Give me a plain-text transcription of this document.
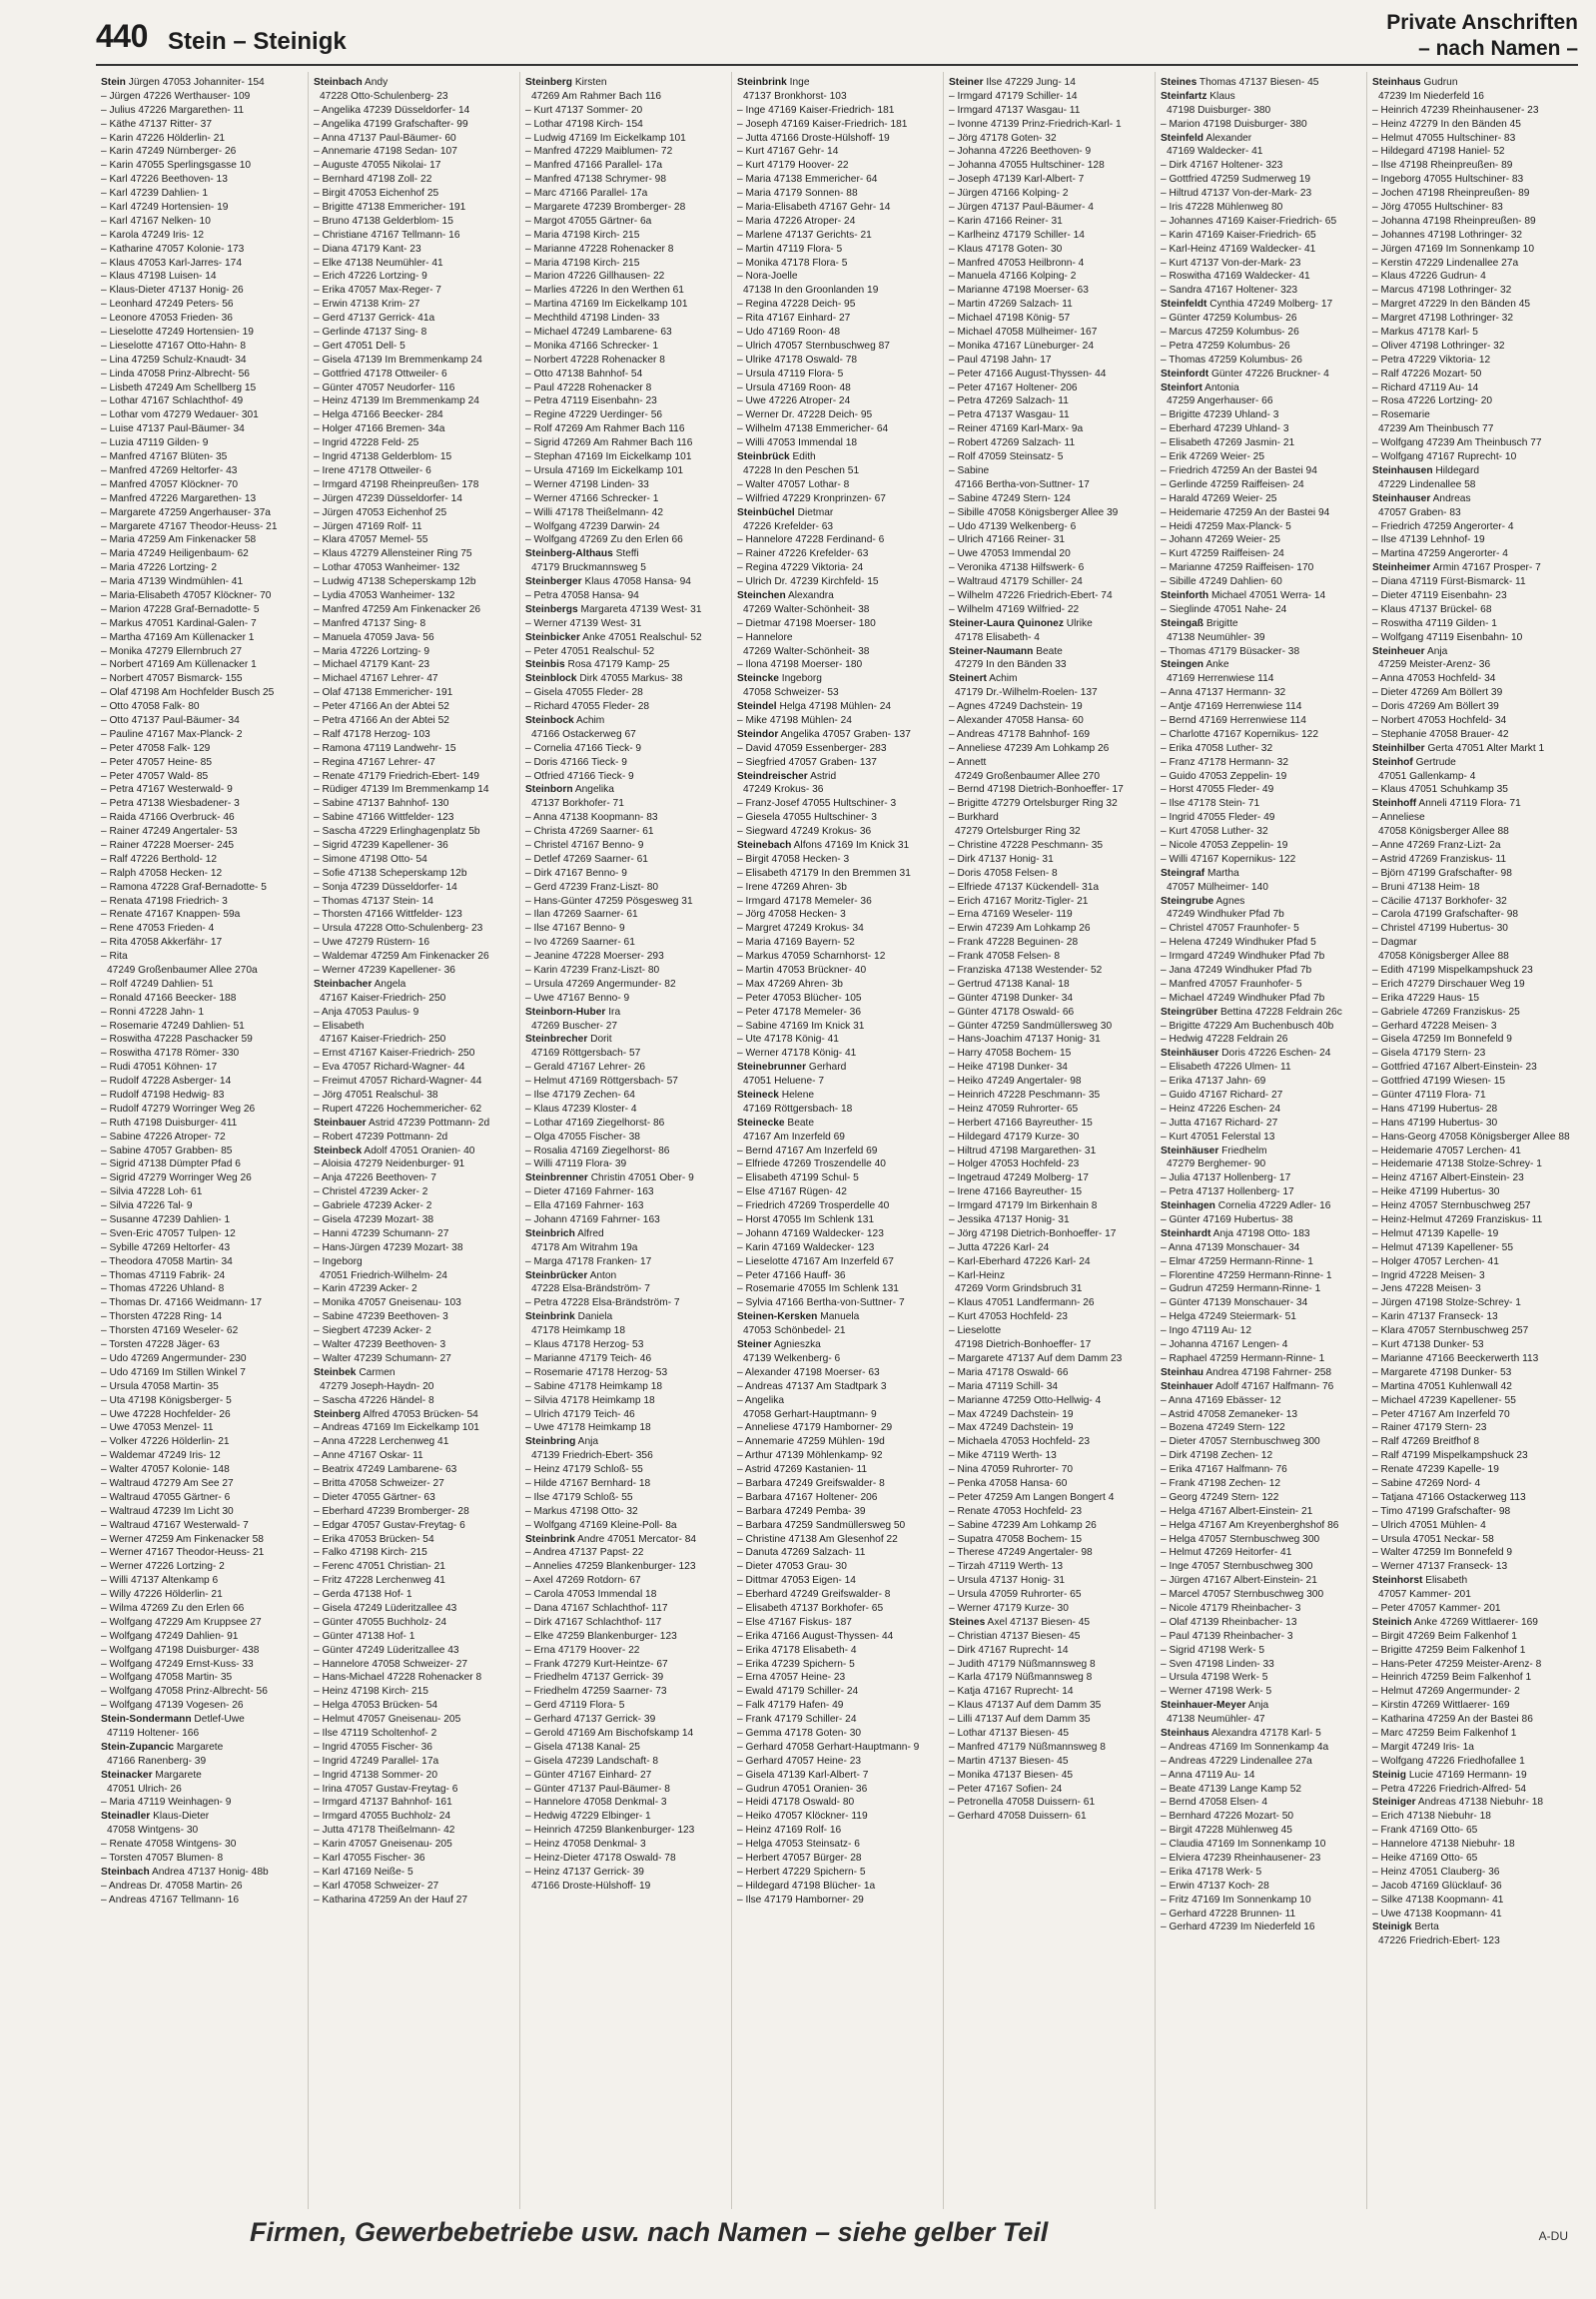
440 Stein – Steinigk
Private Anschriften
– nach Namen –
Stein Jürgen 47053 Johanniter- 154
– Jürgen 47226 Werthauser- 109
– Julius 47226 Margarethen- 11
– Käthe 47137 Ritter- 37
– Karin 47226 Hölderlin- 21
– Karin 47249 Nürnberger- 26
– Karin 47055 Sperlingsgasse 10
– Karl 47226 Beethoven- 13
– Karl 47239 Dahlien- 1
– Karl 47249 Hortensien- 19
– Karl 47167 Nelken- 10
– Karola 47249 Iris- 12
– Katharine 47057 Kolonie- 173
– Klaus 47053 Karl-Jarres- 174
– Klaus 47198 Luisen- 14
– Klaus-Dieter 47137 Honig- 26
– Leonhard 47249 Peters- 56
– Leonore 47053 Frieden- 36
– Lieselotte 47249 Hortensien- 19
– Lieselotte 47167 Otto-Hahn- 8
– Lina 47259 Schulz-Knaudt- 34
– Linda 47058 Prinz-Albrecht- 56
– Lisbeth 47249 Am Schellberg 15
– Lothar 47167 Schlachthof- 49
– Lothar vom 47279 Wedauer- 301
– Luise 47137 Paul-Bäumer- 34
– Luzia 47119 Gilden- 9
– Manfred 47167 Blüten- 35
– Manfred 47269 Heltorfer- 43
– Manfred 47057 Klöckner- 70
– Manfred 47226 Margarethen- 13
– Margarete 47259 Angerhauser- 37a
– Margarete 47167 Theodor-Heuss- 21
– Maria 47259 Am Finkenacker 58
– Maria 47249 Heiligenbaum- 62
– Maria 47226 Lortzing- 2
– Maria 47139 Windmühlen- 41
– Maria-Elisabeth 47057 Klöckner- 70
– Marion 47228 Graf-Bernadotte- 5
– Markus 47051 Kardinal-Galen- 7
– Martha 47169 Am Küllenacker 1
– Monika 47279 Ellernbruch 27
– Norbert 47169 Am Küllenacker 1
– Norbert 47057 Bismarck- 155
– Olaf 47198 Am Hochfelder Busch 25
– Otto 47058 Falk- 80
– Otto 47137 Paul-Bäumer- 34
– Pauline 47167 Max-Planck- 2
– Peter 47058 Falk- 129
– Peter 47057 Heine- 85
– Peter 47057 Wald- 85
– Petra 47167 Westerwald- 9
– Petra 47138 Wiesbadener- 3
– Raida 47166 Overbruck- 46
– Rainer 47249 Angertaler- 53
– Rainer 47228 Moerser- 245
– Ralf 47226 Berthold- 12
– Ralph 47058 Hecken- 12
– Ramona 47228 Graf-Bernadotte- 5
– Renata 47198 Friedrich- 3
– Renate 47167 Knappen- 59a
– Rene 47053 Frieden- 4
– Rita 47058 Akkerfähr- 17
– Rita
47249 Großenbaumer Allee 270a
– Rolf 47249 Dahlien- 51
– Ronald 47166 Beecker- 188
– Ronni 47228 Jahn- 1
– Rosemarie 47249 Dahlien- 51
– Roswitha 47228 Paschacker 59
– Roswitha 47178 Römer- 330
– Rudi 47051 Köhnen- 17
– Rudolf 47228 Asberger- 14
– Rudolf 47198 Hedwig- 83
– Rudolf 47279 Worringer Weg 26
– Ruth 47198 Duisburger- 411
– Sabine 47226 Atroper- 72
– Sabine 47057 Grabben- 85
– Sigrid 47138 Dümpter Pfad 6
– Sigrid 47279 Worringer Weg 26
– Silvia 47228 Loh- 61
– Silvia 47226 Tal- 9
– Susanne 47239 Dahlien- 1
– Sven-Eric 47057 Tulpen- 12
– Sybille 47269 Heltorfer- 43
– Theodora 47058 Martin- 34
– Thomas 47119 Fabrik- 24
– Thomas 47226 Uhland- 8
– Thomas Dr. 47166 Weidmann- 17
– Thorsten 47228 Ring- 14
– Thorsten 47169 Weseler- 62
– Torsten 47228 Jäger- 63
– Udo 47269 Angermunder- 230
– Udo 47169 Im Stillen Winkel 7
– Ursula 47058 Martin- 35
– Uta 47198 Königsberger- 5
– Uwe 47228 Hochfelder- 26
– Uwe 47053 Menzel- 11
– Volker 47226 Hölderlin- 21
– Waldemar 47249 Iris- 12
– Walter 47057 Kolonie- 148
– Waltraud 47279 Am See 27
– Waltraud 47055 Gärtner- 6
– Waltraud 47239 Im Licht 30
– Waltraud 47167 Westerwald- 7
– Werner 47259 Am Finkenacker 58
– Werner 47167 Theodor-Heuss- 21
– Werner 47226 Lortzing- 2
– Willi 47137 Altenkamp 6
– Willy 47226 Hölderlin- 21
– Wilma 47269 Zu den Erlen 66
– Wolfgang 47229 Am Kruppsee 27
– Wolfgang 47249 Dahlien- 91
– Wolfgang 47198 Duisburger- 438
– Wolfgang 47249 Ernst-Kuss- 33
– Wolfgang 47058 Martin- 35
– Wolfgang 47058 Prinz-Albrecht- 56
– Wolfgang 47139 Vogesen- 26
Stein-Sondermann Detlef-Uwe
47119 Holtener- 166
Stein-Zupancic Margarete
47166 Ranenberg- 39
Steinacker Margarete
47051 Ulrich- 26
– Maria 47119 Weinhagen- 9
Steinadler Klaus-Dieter
47058 Wintgens- 30
– Renate 47058 Wintgens- 30
– Torsten 47057 Blumen- 8
Steinbach Andrea 47137 Honig- 48b
– Andreas Dr. 47058 Martin- 26
– Andreas 47167 Tellmann- 16
Steinbach Andy
47228 Otto-Schulenberg- 23
– Angelika 47239 Düsseldorfer- 14
– Angelika 47199 Grafschafter- 99
– Anna 47137 Paul-Bäumer- 60
– Annemarie 47198 Sedan- 107
– Auguste 47055 Nikolai- 17
– Bernhard 47198 Zoll- 22
– Birgit 47053 Eichenhof 25
– Brigitte 47138 Emmericher- 191
– Bruno 47138 Gelderblom- 15
– Christiane 47167 Tellmann- 16
– Diana 47179 Kant- 23
– Elke 47138 Neumühler- 41
– Erich 47226 Lortzing- 9
– Erika 47057 Max-Reger- 7
– Erwin 47138 Krim- 27
– Gerd 47137 Gerrick- 41a
– Gerlinde 47137 Sing- 8
– Gert 47051 Dell- 5
– Gisela 47139 Im Bremmenkamp 24
– Gottfried 47178 Ottweiler- 6
– Günter 47057 Neudorfer- 116
– Heinz 47139 Im Bremmenkamp 24
– Helga 47166 Beecker- 284
– Holger 47166 Bremen- 34a
– Ingrid 47228 Feld- 25
– Ingrid 47138 Gelderblom- 15
– Irene 47178 Ottweiler- 6
– Irmgard 47198 Rheinpreußen- 178
– Jürgen 47239 Düsseldorfer- 14
– Jürgen 47053 Eichenhof 25
– Jürgen 47169 Rolf- 11
– Klara 47057 Memel- 55
– Klaus 47279 Allensteiner Ring 75
– Lothar 47053 Wanheimer- 132
– Ludwig 47138 Scheperskamp 12b
– Lydia 47053 Wanheimer- 132
– Manfred 47259 Am Finkenacker 26
– Manfred 47137 Sing- 8
– Manuela 47059 Java- 56
– Maria 47226 Lortzing- 9
– Michael 47179 Kant- 23
– Michael 47167 Lehrer- 47
– Olaf 47138 Emmericher- 191
– Peter 47166 An der Abtei 52
– Petra 47166 An der Abtei 52
– Ralf 47178 Herzog- 103
– Ramona 47119 Landwehr- 15
– Regina 47167 Lehrer- 47
– Renate 47179 Friedrich-Ebert- 149
– Rüdiger 47139 Im Bremmenkamp 14
– Sabine 47137 Bahnhof- 130
– Sabine 47166 Wittfelder- 123
– Sascha 47229 Erlinghagenplatz 5b
– Sigrid 47239 Kapellener- 36
– Simone 47198 Otto- 54
– Sofie 47138 Scheperskamp 12b
– Sonja 47239 Düsseldorfer- 14
– Thomas 47137 Stein- 14
– Thorsten 47166 Wittfelder- 123
– Ursula 47228 Otto-Schulenberg- 23
– Uwe 47279 Rüstern- 16
– Waldemar 47259 Am Finkenacker 26
– Werner 47239 Kapellener- 36
Steinbacher Angela
47167 Kaiser-Friedrich- 250
– Anja 47053 Paulus- 9
– Elisabeth
47167 Kaiser-Friedrich- 250
– Ernst 47167 Kaiser-Friedrich- 250
– Eva 47057 Richard-Wagner- 44
– Freimut 47057 Richard-Wagner- 44
– Jörg 47051 Realschul- 38
– Rupert 47226 Hochemmericher- 62
Steinbauer Astrid 47239 Pottmann- 2d
– Robert 47239 Pottmann- 2d
Steinbeck Adolf 47051 Oranien- 40
– Aloisia 47279 Neidenburger- 91
– Anja 47226 Beethoven- 7
– Christel 47239 Acker- 2
– Gabriele 47239 Acker- 2
– Gisela 47239 Mozart- 38
– Hanni 47239 Schumann- 27
– Hans-Jürgen 47239 Mozart- 38
– Ingeborg
47051 Friedrich-Wilhelm- 24
– Karin 47239 Acker- 2
– Monika 47057 Gneisenau- 103
– Sabine 47239 Beethoven- 3
– Siegbert 47239 Acker- 2
– Walter 47239 Beethoven- 3
– Walter 47239 Schumann- 27
Steinbek Carmen
47279 Joseph-Haydn- 20
– Sascha 47226 Händel- 8
Steinberg Alfred 47053 Brücken- 54
– Andreas 47169 Im Eickelkamp 101
– Anna 47228 Lerchenweg 41
– Anne 47167 Oskar- 11
– Beatrix 47249 Lambarene- 63
– Britta 47058 Schweizer- 27
– Dieter 47055 Gärtner- 63
– Eberhard 47239 Bromberger- 28
– Edgar 47057 Gustav-Freytag- 6
– Erika 47053 Brücken- 54
– Falko 47198 Kirch- 215
– Ferenc 47051 Christian- 21
– Fritz 47228 Lerchenweg 41
– Gerda 47138 Hof- 1
– Gisela 47249 Lüderitzallee 43
– Günter 47055 Buchholz- 24
– Günter 47138 Hof- 1
– Günter 47249 Lüderitzallee 43
– Hannelore 47058 Schweizer- 27
– Hans-Michael 47228 Rohenacker 8
– Heinz 47198 Kirch- 215
– Helga 47053 Brücken- 54
– Helmut 47057 Gneisenau- 205
– Ilse 47119 Scholtenhof- 2
– Ingrid 47055 Fischer- 36
– Ingrid 47249 Parallel- 17a
– Ingrid 47138 Sommer- 20
– Irina 47057 Gustav-Freytag- 6
– Irmgard 47137 Bahnhof- 161
– Irmgard 47055 Buchholz- 24
– Jutta 47178 Theißelmann- 42
– Karin 47057 Gneisenau- 205
– Karl 47055 Fischer- 36
– Karl 47169 Neiße- 5
– Karl 47058 Schweizer- 27
– Katharina 47259 An der Hauf 27
Steinberg Kirsten
47269 Am Rahmer Bach 116
– Kurt 47137 Sommer- 20
– Lothar 47198 Kirch- 154
– Ludwig 47169 Im Eickelkamp 101
– Manfred 47229 Maiblumen- 72
– Manfred 47166 Parallel- 17a
– Manfred 47138 Schrymer- 98
– Marc 47166 Parallel- 17a
– Margarete 47239 Bromberger- 28
– Margot 47055 Gärtner- 6a
– Maria 47198 Kirch- 215
– Marianne 47228 Rohenacker 8
– Maria 47198 Kirch- 215
– Marion 47226 Gillhausen- 22
– Marlies 47226 In den Werthen 61
– Martina 47169 Im Eickelkamp 101
– Mechthild 47198 Linden- 33
– Michael 47249 Lambarene- 63
– Monika 47166 Schrecker- 1
– Norbert 47228 Rohenacker 8
– Otto 47138 Bahnhof- 54
– Paul 47228 Rohenacker 8
– Petra 47119 Eisenbahn- 23
– Regine 47229 Uerdinger- 56
– Rolf 47269 Am Rahmer Bach 116
– Sigrid 47269 Am Rahmer Bach 116
– Stephan 47169 Im Eickelkamp 101
– Ursula 47169 Im Eickelkamp 101
– Werner 47198 Linden- 33
– Werner 47166 Schrecker- 1
– Willi 47178 Theißelmann- 42
– Wolfgang 47239 Darwin- 24
– Wolfgang 47269 Zu den Erlen 66
Steinberg-Althaus Steffi
47179 Bruckmannsweg 5
Steinberger Klaus 47058 Hansa- 94
– Petra 47058 Hansa- 94
Steinbergs Margareta 47139 West- 31
– Werner 47139 West- 31
Steinbicker Anke 47051 Realschul- 52
– Peter 47051 Realschul- 52
Steinbis Rosa 47179 Kamp- 25
Steinblock Dirk 47055 Markus- 38
– Gisela 47055 Fleder- 28
– Richard 47055 Fleder- 28
Steinbock Achim
47166 Ostackerweg 67
– Cornelia 47166 Tieck- 9
– Doris 47166 Tieck- 9
– Otfried 47166 Tieck- 9
Steinborn Angelika
47137 Borkhofer- 71
– Anna 47138 Koopmann- 83
– Christa 47269 Saarner- 61
– Christel 47167 Benno- 9
– Detlef 47269 Saarner- 61
– Dirk 47167 Benno- 9
– Gerd 47239 Franz-Liszt- 80
– Hans-Günter 47259 Pösgesweg 31
– Ilan 47269 Saarner- 61
– Ilse 47167 Benno- 9
– Ivo 47269 Saarner- 61
– Jeanine 47228 Moerser- 293
– Karin 47239 Franz-Liszt- 80
– Ursula 47269 Angermunder- 82
– Uwe 47167 Benno- 9
Steinborn-Huber Ira
47269 Buscher- 27
Steinbrecher Dorit
47169 Röttgersbach- 57
– Gerald 47167 Lehrer- 26
– Helmut 47169 Röttgersbach- 57
– Ilse 47179 Zechen- 64
– Klaus 47239 Kloster- 4
– Lothar 47169 Ziegelhorst- 86
– Olga 47055 Fischer- 38
– Rosalia 47169 Ziegelhorst- 86
– Willi 47119 Flora- 39
Steinbrenner Christin 47051 Ober- 9
– Dieter 47169 Fahrner- 163
– Ella 47169 Fahrner- 163
– Johann 47169 Fahrner- 163
Steinbrich Alfred
47178 Am Witrahm 19a
– Marga 47178 Franken- 17
Steinbrücker Anton
47228 Elsa-Brändström- 7
– Petra 47228 Elsa-Brändström- 7
Steinbrink Daniela
47178 Heimkamp 18
– Klaus 47178 Herzog- 53
– Marianne 47179 Teich- 46
– Rosemarie 47178 Herzog- 53
– Sabine 47178 Heimkamp 18
– Silvia 47178 Heimkamp 18
– Ulrich 47179 Teich- 46
– Uwe 47178 Heimkamp 18
Steinbring Anja
47139 Friedrich-Ebert- 356
– Heinz 47179 Schloß- 55
– Hilde 47167 Bernhard- 18
– Ilse 47179 Schloß- 55
– Markus 47198 Otto- 32
– Wolfgang 47169 Kleine-Poll- 8a
Steinbrink Andre 47051 Mercator- 84
– Andrea 47137 Papst- 22
– Annelies 47259 Blankenburger- 123
– Axel 47269 Rotdorn- 67
– Carola 47053 Immendal 18
– Dana 47167 Schlachthof- 117
– Dirk 47167 Schlachthof- 117
– Elke 47259 Blankenburger- 123
– Erna 47179 Hoover- 22
– Frank 47279 Kurt-Heintze- 67
– Friedhelm 47137 Gerrick- 39
– Friedhelm 47259 Saarner- 73
– Gerd 47119 Flora- 5
– Gerhard 47137 Gerrick- 39
– Gerold 47169 Am Bischofskamp 14
– Gisela 47138 Kanal- 25
– Gisela 47239 Landschaft- 8
– Günter 47167 Einhard- 27
– Günter 47137 Paul-Bäumer- 8
– Hannelore 47058 Denkmal- 3
– Hedwig 47229 Elbinger- 1
– Heinrich 47259 Blankenburger- 123
– Heinz 47058 Denkmal- 3
– Heinz-Dieter 47178 Oswald- 78
– Heinz 47137 Gerrick- 39
47166 Droste-Hülshoff- 19
Steinbrink Inge
47137 Bronkhorst- 103
– Inge 47169 Kaiser-Friedrich- 181
– Joseph 47169 Kaiser-Friedrich- 181
– Jutta 47166 Droste-Hülshoff- 19
– Kurt 47167 Gehr- 14
– Kurt 47179 Hoover- 22
– Maria 47138 Emmericher- 64
– Maria 47179 Sonnen- 88
– Maria-Elisabeth 47167 Gehr- 14
– Maria 47226 Atroper- 24
– Marlene 47137 Gerichts- 21
– Martin 47119 Flora- 5
– Monika 47178 Flora- 5
– Nora-Joelle
47138 In den Groonlanden 19
– Regina 47228 Deich- 95
– Rita 47167 Einhard- 27
– Udo 47169 Roon- 48
– Ulrich 47057 Sternbuschweg 87
– Ulrike 47178 Oswald- 78
– Ursula 47119 Flora- 5
– Ursula 47169 Roon- 48
– Uwe 47226 Atroper- 24
– Werner Dr. 47228 Deich- 95
– Wilhelm 47138 Emmericher- 64
– Willi 47053 Immendal 18
Steinbrück Edith
47228 In den Peschen 51
– Walter 47057 Lothar- 8
– Wilfried 47229 Kronprinzen- 67
Steinbüchel Dietmar
47226 Krefelder- 63
– Hannelore 47228 Ferdinand- 6
– Rainer 47226 Krefelder- 63
– Regina 47229 Viktoria- 24
– Ulrich Dr. 47239 Kirchfeld- 15
Steinchen Alexandra
47269 Walter-Schönheit- 38
– Dietmar 47198 Moerser- 180
– Hannelore
47269 Walter-Schönheit- 38
– Ilona 47198 Moerser- 180
Steincke Ingeborg
47058 Schweizer- 53
Steindel Helga 47198 Mühlen- 24
– Mike 47198 Mühlen- 24
Steindor Angelika 47057 Graben- 137
– David 47059 Essenberger- 283
– Siegfried 47057 Graben- 137
Steindreischer Astrid
47249 Krokus- 36
– Franz-Josef 47055 Hultschiner- 3
– Giesela 47055 Hultschiner- 3
– Siegward 47249 Krokus- 36
Steinebach Alfons 47169 Im Knick 31
– Birgit 47058 Hecken- 3
– Elisabeth 47179 In den Bremmen 31
– Irene 47269 Ahren- 3b
– Irmgard 47178 Memeler- 36
– Jörg 47058 Hecken- 3
– Margret 47249 Krokus- 34
– Maria 47169 Bayern- 52
– Markus 47059 Scharnhorst- 12
– Martin 47053 Brückner- 40
– Max 47269 Ahren- 3b
– Peter 47053 Blücher- 105
– Peter 47178 Memeler- 36
– Sabine 47169 Im Knick 31
– Ute 47178 König- 41
– Werner 47178 König- 41
Steinebrunner Gerhard
47051 Heluene- 7
Steineck Helene
47169 Röttgersbach- 18
Steinecke Beate
47167 Am Inzerfeld 69
– Bernd 47167 Am Inzerfeld 69
– Elfriede 47269 Troszendelle 40
– Elisabeth 47199 Schul- 5
– Else 47167 Rügen- 42
– Friedrich 47269 Trosperdelle 40
– Horst 47055 Im Schlenk 131
– Johann 47169 Waldecker- 123
– Karin 47169 Waldecker- 123
– Lieselotte 47167 Am Inzerfeld 67
– Peter 47166 Hauff- 36
– Rosemarie 47055 Im Schlenk 131
– Sylvia 47166 Bertha-von-Suttner- 7
Steinen-Kersken Manuela
47053 Schönbedel- 21
Steiner Agnieszka
47139 Welkenberg- 6
– Alexander 47198 Moerser- 63
– Andreas 47137 Am Stadtpark 3
– Angelika
47058 Gerhart-Hauptmann- 9
– Anneliese 47179 Hamborner- 29
– Annemarie 47259 Mühlen- 19d
– Arthur 47139 Möhlenkamp- 92
– Astrid 47269 Kastanien- 11
– Barbara 47249 Greifswalder- 8
– Barbara 47167 Holtener- 206
– Barbara 47249 Pemba- 39
– Barbara 47259 Sandmüllersweg 50
– Christine 47138 Am Glesenhof 22
– Danuta 47269 Salzach- 11
– Dieter 47053 Grau- 30
– Dittmar 47053 Eigen- 14
– Eberhard 47249 Greifswalder- 8
– Elisabeth 47137 Borkhofer- 65
– Else 47167 Fiskus- 187
– Erika 47166 August-Thyssen- 44
– Erika 47178 Elisabeth- 4
– Erika 47239 Spichern- 5
– Erna 47057 Heine- 23
– Ewald 47179 Schiller- 24
– Falk 47179 Hafen- 49
– Frank 47179 Schiller- 24
– Gemma 47178 Goten- 30
– Gerhard 47058 Gerhart-Hauptmann- 9
– Gerhard 47057 Heine- 23
– Gisela 47139 Karl-Albert- 7
– Gudrun 47051 Oranien- 36
– Heidi 47178 Oswald- 80
– Heiko 47057 Klöckner- 119
– Heinz 47169 Rolf- 16
– Helga 47053 Steinsatz- 6
– Herbert 47057 Bürger- 28
– Herbert 47229 Spichern- 5
– Hildegard 47198 Blücher- 1a
– Ilse 47179 Hamborner- 29
Steiner Ilse 47229 Jung- 14
– Irmgard 47179 Schiller- 14
– Irmgard 47137 Wasgau- 11
– Ivonne 47139 Prinz-Friedrich-Karl- 1
– Jörg 47178 Goten- 32
– Johanna 47226 Beethoven- 9
– Johanna 47055 Hultschiner- 128
– Joseph 47139 Karl-Albert- 7
– Jürgen 47166 Kolping- 2
– Jürgen 47137 Paul-Bäumer- 4
– Karin 47166 Reiner- 31
– Karlheinz 47179 Schiller- 14
– Klaus 47178 Goten- 30
– Manfred 47053 Heilbronn- 4
– Manuela 47166 Kolping- 2
– Marianne 47198 Moerser- 63
– Martin 47269 Salzach- 11
– Michael 47198 König- 57
– Michael 47058 Mülheimer- 167
– Monika 47167 Lüneburger- 24
– Paul 47198 Jahn- 17
– Peter 47166 August-Thyssen- 44
– Peter 47167 Holtener- 206
– Petra 47269 Salzach- 11
– Petra 47137 Wasgau- 11
– Reiner 47169 Karl-Marx- 9a
– Robert 47269 Salzach- 11
– Rolf 47059 Steinsatz- 5
– Sabine
47166 Bertha-von-Suttner- 17
– Sabine 47249 Stern- 124
– Sibille 47058 Königsberger Allee 39
– Udo 47139 Welkenberg- 6
– Ulrich 47166 Reiner- 31
– Uwe 47053 Immendal 20
– Veronika 47138 Hilfswerk- 6
– Waltraud 47179 Schiller- 24
– Wilhelm 47226 Friedrich-Ebert- 74
– Wilhelm 47169 Wilfried- 22
Steiner-Laura Quinonez Ulrike
47178 Elisabeth- 4
Steiner-Naumann Beate
47279 In den Bänden 33
Steinert Achim
47179 Dr.-Wilhelm-Roelen- 137
– Agnes 47249 Dachstein- 19
– Alexander 47058 Hansa- 60
– Andreas 47178 Bahnhof- 169
– Anneliese 47239 Am Lohkamp 26
– Annett
47249 Großenbaumer Allee 270
– Bernd 47198 Dietrich-Bonhoeffer- 17
– Brigitte 47279 Ortelsburger Ring 32
– Burkhard
47279 Ortelsburger Ring 32
– Christine 47228 Peschmann- 35
– Dirk 47137 Honig- 31
– Doris 47058 Felsen- 8
– Elfriede 47137 Kückendell- 31a
– Erich 47167 Moritz-Tigler- 21
– Erna 47169 Weseler- 119
– Erwin 47239 Am Lohkamp 26
– Frank 47228 Beguinen- 28
– Frank 47058 Felsen- 8
– Franziska 47138 Westender- 52
– Gertrud 47138 Kanal- 18
– Günter 47198 Dunker- 34
– Günter 47178 Oswald- 66
– Günter 47259 Sandmüllersweg 30
– Hans-Joachim 47137 Honig- 31
– Harry 47058 Bochem- 15
– Heike 47198 Dunker- 34
– Heiko 47249 Angertaler- 98
– Heinrich 47228 Peschmann- 35
– Heinz 47059 Ruhrorter- 65
– Herbert 47166 Bayreuther- 15
– Hildegard 47179 Kurze- 30
– Hiltrud 47198 Margarethen- 31
– Holger 47053 Hochfeld- 23
– Ingetraud 47249 Molberg- 17
– Irene 47166 Bayreuther- 15
– Irmgard 47179 Im Birkenhain 8
– Jessika 47137 Honig- 31
– Jörg 47198 Dietrich-Bonhoeffer- 17
– Jutta 47226 Karl- 24
– Karl-Eberhard 47226 Karl- 24
– Karl-Heinz
47269 Vorm Grindsbruch 31
– Klaus 47051 Landfermann- 26
– Kurt 47053 Hochfeld- 23
– Lieselotte
47198 Dietrich-Bonhoeffer- 17
– Margarete 47137 Auf dem Damm 23
– Maria 47178 Oswald- 66
– Maria 47119 Schill- 34
– Marianne 47259 Otto-Hellwig- 4
– Max 47249 Dachstein- 19
– Max 47249 Dachstein- 19
– Michaela 47053 Hochfeld- 23
– Mike 47119 Werth- 13
– Nina 47059 Ruhrorter- 70
– Penka 47058 Hansa- 60
– Peter 47259 Am Langen Bongert 4
– Renate 47053 Hochfeld- 23
– Sabine 47239 Am Lohkamp 26
– Supatra 47058 Bochem- 15
– Therese 47249 Angertaler- 98
– Tirzah 47119 Werth- 13
– Ursula 47137 Honig- 31
– Ursula 47059 Ruhrorter- 65
– Werner 47179 Kurze- 30
Steines Axel 47137 Biesen- 45
– Christian 47137 Biesen- 45
– Dirk 47167 Ruprecht- 14
– Judith 47179 Nüßmannsweg 8
– Karla 47179 Nüßmannsweg 8
– Katja 47167 Ruprecht- 14
– Klaus 47137 Auf dem Damm 35
– Lilli 47137 Auf dem Damm 35
– Lothar 47137 Biesen- 45
– Manfred 47179 Nüßmannsweg 8
– Martin 47137 Biesen- 45
– Monika 47137 Biesen- 45
– Peter 47167 Sofien- 24
– Petronella 47058 Duissern- 61
– Gerhard 47058 Duissern- 61
Steines Thomas 47137 Biesen- 45
Steinfartz Klaus
47198 Duisburger- 380
– Marion 47198 Duisburger- 380
Steinfeld Alexander
47169 Waldecker- 41
– Dirk 47167 Holtener- 323
– Gottfried 47259 Sudmerweg 19
– Hiltrud 47137 Von-der-Mark- 23
– Iris 47228 Mühlenweg 80
– Johannes 47169 Kaiser-Friedrich- 65
– Karin 47169 Kaiser-Friedrich- 65
– Karl-Heinz 47169 Waldecker- 41
– Kurt 47137 Von-der-Mark- 23
– Roswitha 47169 Waldecker- 41
– Sandra 47167 Holtener- 323
Steinfeldt Cynthia 47249 Molberg- 17
– Günter 47259 Kolumbus- 26
– Marcus 47259 Kolumbus- 26
– Petra 47259 Kolumbus- 26
– Thomas 47259 Kolumbus- 26
Steinfordt Günter 47226 Bruckner- 4
Steinfort Antonia
47259 Angerhauser- 66
– Brigitte 47239 Uhland- 3
– Eberhard 47239 Uhland- 3
– Elisabeth 47269 Jasmin- 21
– Erik 47269 Weier- 25
– Friedrich 47259 An der Bastei 94
– Gerlinde 47259 Raiffeisen- 24
– Harald 47269 Weier- 25
– Heidemarie 47259 An der Bastei 94
– Heidi 47259 Max-Planck- 5
– Johann 47269 Weier- 25
– Kurt 47259 Raiffeisen- 24
– Marianne 47259 Raiffeisen- 170
– Sibille 47249 Dahlien- 60
Steinforth Michael 47051 Werra- 14
– Sieglinde 47051 Nahe- 24
Steingaß Brigitte
47138 Neumühler- 39
– Thomas 47179 Büsacker- 38
Steingen Anke
47169 Herrenwiese 114
– Anna 47137 Hermann- 32
– Antje 47169 Herrenwiese 114
– Bernd 47169 Herrenwiese 114
– Charlotte 47167 Kopernikus- 122
– Erika 47058 Luther- 32
– Franz 47178 Hermann- 32
– Guido 47053 Zeppelin- 19
– Horst 47055 Fleder- 49
– Ilse 47178 Stein- 71
– Ingrid 47055 Fleder- 49
– Kurt 47058 Luther- 32
– Nicole 47053 Zeppelin- 19
– Willi 47167 Kopernikus- 122
Steingraf Martha
47057 Mülheimer- 140
Steingrube Agnes
47249 Windhuker Pfad 7b
– Christel 47057 Fraunhofer- 5
– Helena 47249 Windhuker Pfad 5
– Irmgard 47249 Windhuker Pfad 7b
– Jana 47249 Windhuker Pfad 7b
– Manfred 47057 Fraunhofer- 5
– Michael 47249 Windhuker Pfad 7b
Steingrüber Bettina 47228 Feldrain 26c
– Brigitte 47229 Am Buchenbusch 40b
– Hedwig 47228 Feldrain 26
Steinhäuser Doris 47226 Eschen- 24
– Elisabeth 47226 Ulmen- 11
– Erika 47137 Jahn- 69
– Guido 47167 Richard- 27
– Heinz 47226 Eschen- 24
– Jutta 47167 Richard- 27
– Kurt 47051 Felerstal 13
Steinhäuser Friedhelm
47279 Berghemer- 90
– Julia 47137 Hollenberg- 17
– Petra 47137 Hollenberg- 17
Steinhagen Cornelia 47229 Adler- 16
– Günter 47169 Hubertus- 38
Steinhardt Anja 47198 Otto- 183
– Anna 47139 Monschauer- 34
– Elmar 47259 Hermann-Rinne- 1
– Florentine 47259 Hermann-Rinne- 1
– Gudrun 47259 Hermann-Rinne- 1
– Günter 47139 Monschauer- 34
– Helga 47249 Steiermark- 51
– Ingo 47119 Au- 12
– Johanna 47167 Lengen- 4
– Raphael 47259 Hermann-Rinne- 1
Steinhau Andrea 47198 Fahrner- 258
Steinhauer Adolf 47167 Halfmann- 76
– Anna 47169 Ebässer- 12
– Astrid 47058 Zemaneker- 13
– Bozena 47249 Stern- 122
– Dieter 47057 Sternbuschweg 300
– Dirk 47198 Zechen- 12
– Erika 47167 Halfmann- 76
– Frank 47198 Zechen- 12
– Georg 47249 Stern- 122
– Helga 47167 Albert-Einstein- 21
– Helga 47167 Am Kreyenberghshof 86
– Helga 47057 Sternbuschweg 300
– Helmut 47269 Heitorfer- 41
– Inge 47057 Sternbuschweg 300
– Jürgen 47167 Albert-Einstein- 21
– Marcel 47057 Sternbuschweg 300
– Nicole 47179 Rheinbacher- 3
– Olaf 47139 Rheinbacher- 13
– Paul 47139 Rheinbacher- 3
– Sigrid 47198 Werk- 5
– Sven 47198 Linden- 33
– Ursula 47198 Werk- 5
– Werner 47198 Werk- 5
Steinhauer-Meyer Anja
47138 Neumühler- 47
Steinhaus Alexandra 47178 Karl- 5
– Andreas 47169 Im Sonnenkamp 4a
– Andreas 47229 Lindenallee 27a
– Anna 47119 Au- 14
– Beate 47139 Lange Kamp 52
– Bernd 47058 Elsen- 4
– Bernhard 47226 Mozart- 50
– Birgit 47228 Mühlenweg 45
– Claudia 47169 Im Sonnenkamp 10
– Elviera 47239 Rheinhausener- 23
– Erika 47178 Werk- 5
– Erwin 47137 Koch- 28
– Fritz 47169 Im Sonnenkamp 10
– Gerhard 47228 Brunnen- 11
– Gerhard 47239 Im Niederfeld 16
Steinhaus Gudrun
47239 Im Niederfeld 16
– Heinrich 47239 Rheinhausener- 23
– Heinz 47279 In den Bänden 45
– Helmut 47055 Hultschiner- 83
– Hildegard 47198 Haniel- 52
– Ilse 47198 Rheinpreußen- 89
– Ingeborg 47055 Hultschiner- 83
– Jochen 47198 Rheinpreußen- 89
– Jörg 47055 Hultschiner- 83
– Johanna 47198 Rheinpreußen- 89
– Johannes 47198 Lothringer- 32
– Jürgen 47169 Im Sonnenkamp 10
– Kerstin 47229 Lindenallee 27a
– Klaus 47226 Gudrun- 4
– Marcus 47198 Lothringer- 32
– Margret 47229 In den Bänden 45
– Margret 47198 Lothringer- 32
– Markus 47178 Karl- 5
– Oliver 47198 Lothringer- 32
– Petra 47229 Viktoria- 12
– Ralf 47226 Mozart- 50
– Richard 47119 Au- 14
– Rosa 47226 Lortzing- 20
– Rosemarie
47239 Am Theinbusch 77
– Wolfgang 47239 Am Theinbusch 77
– Wolfgang 47167 Ruprecht- 10
Steinhausen Hildegard
47229 Lindenallee 58
Steinhauser Andreas
47057 Graben- 83
– Friedrich 47259 Angerorter- 4
– Ilse 47139 Lehnhof- 19
– Martina 47259 Angerorter- 4
Steinheimer Armin 47167 Prosper- 7
– Diana 47119 Fürst-Bismarck- 11
– Dieter 47119 Eisenbahn- 23
– Klaus 47137 Brückel- 68
– Roswitha 47119 Gilden- 1
– Wolfgang 47119 Eisenbahn- 10
Steinheuer Anja
47259 Meister-Arenz- 36
– Anna 47053 Hochfeld- 34
– Dieter 47269 Am Böllert 39
– Doris 47269 Am Böllert 39
– Norbert 47053 Hochfeld- 34
– Stephanie 47058 Brauer- 42
Steinhilber Gerta 47051 Alter Markt 1
Steinhof Gertrude
47051 Gallenkamp- 4
– Klaus 47051 Schuhkamp 35
Steinhoff Anneli 47119 Flora- 71
– Anneliese
47058 Königsberger Allee 88
– Anne 47269 Franz-Lizt- 2a
– Astrid 47269 Franziskus- 11
– Björn 47199 Grafschafter- 98
– Bruni 47138 Heim- 18
– Cäcilie 47137 Borkhofer- 32
– Carola 47199 Grafschafter- 98
– Christel 47199 Hubertus- 30
– Dagmar
47058 Königsberger Allee 88
– Edith 47199 Mispelkampshuck 23
– Erich 47279 Dirschauer Weg 19
– Erika 47229 Haus- 15
– Gabriele 47269 Franziskus- 25
– Gerhard 47228 Meisen- 3
– Gisela 47259 Im Bonnefeld 9
– Gisela 47179 Stern- 23
– Gottfried 47167 Albert-Einstein- 23
– Gottfried 47199 Wiesen- 15
– Günter 47119 Flora- 71
– Hans 47199 Hubertus- 28
– Hans 47199 Hubertus- 30
– Hans-Georg 47058 Königsberger Allee 88
– Heidemarie 47057 Lerchen- 41
– Heidemarie 47138 Stolze-Schrey- 1
– Heinz 47167 Albert-Einstein- 23
– Heike 47199 Hubertus- 30
– Heinz 47057 Sternbuschweg 257
– Heinz-Helmut 47269 Franziskus- 11
– Helmut 47139 Kapelle- 19
– Helmut 47139 Kapellener- 55
– Holger 47057 Lerchen- 41
– Ingrid 47228 Meisen- 3
– Jens 47228 Meisen- 3
– Jürgen 47198 Stolze-Schrey- 1
– Karin 47137 Franseck- 13
– Klara 47057 Sternbuschweg 257
– Kurt 47138 Dunker- 53
– Marianne 47166 Beeckerwerth 113
– Margarete 47198 Dunker- 53
– Martina 47051 Kuhlenwall 42
– Michael 47239 Kapellener- 55
– Peter 47167 Am Inzerfeld 70
– Rainer 47179 Stern- 23
– Ralf 47269 Breitfhof 8
– Ralf 47199 Mispelkampshuck 23
– Renate 47239 Kapelle- 19
– Sabine 47269 Nord- 4
– Tatjana 47166 Ostackerweg 113
– Timo 47199 Grafschafter- 98
– Ulrich 47051 Mühlen- 4
– Ursula 47051 Neckar- 58
– Walter 47259 Im Bonnefeld 9
– Werner 47137 Franseck- 13
Steinhorst Elisabeth
47057 Kammer- 201
– Peter 47057 Kammer- 201
Steinich Anke 47269 Wittlaerer- 169
– Birgit 47269 Beim Falkenhof 1
– Brigitte 47259 Beim Falkenhof 1
– Hans-Peter 47259 Meister-Arenz- 8
– Heinrich 47259 Beim Falkenhof 1
– Helmut 47269 Angermunder- 2
– Kirstin 47269 Wittlaerer- 169
– Katharina 47259 An der Bastei 86
– Marc 47259 Beim Falkenhof 1
– Margit 47249 Iris- 1a
– Wolfgang 47226 Friedhofallee 1
Steinig Lucie 47169 Hermann- 19
– Petra 47226 Friedrich-Alfred- 54
Steiniger Andreas 47138 Niebuhr- 18
– Erich 47138 Niebuhr- 18
– Frank 47169 Otto- 65
– Hannelore 47138 Niebuhr- 18
– Heike 47169 Otto- 65
– Heinz 47051 Clauberg- 36
– Jacob 47169 Glücklauf- 36
– Silke 47138 Koopmann- 41
– Uwe 47138 Koopmann- 41
Steinigk Berta
47226 Friedrich-Ebert- 123
Firmen, Gewerbebetriebe usw. nach Namen – siehe gelber Teil	A-DU
